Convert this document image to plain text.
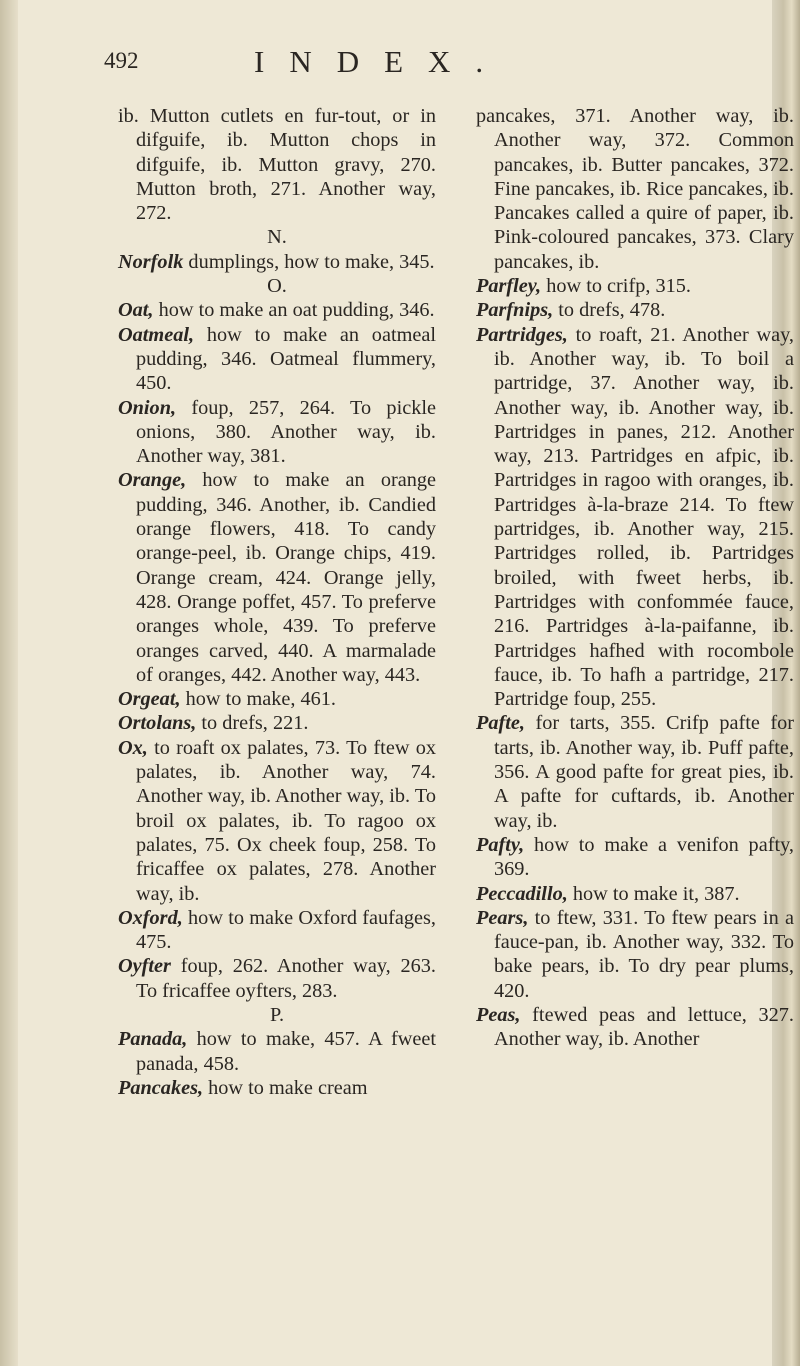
492	INDEX.

ib. Mutton cutlets en fur-tout, or in difguife, ib. Mutton chops in difguife, ib. Mutton gravy, 270. Mutton broth, 271. Another way, 272.

N.

Norfolk dumplings, how to make, 345.

O.

Oat, how to make an oat pudding, 346.

Oatmeal, how to make an oatmeal pudding, 346. Oatmeal flummery, 450.

Onion, foup, 257, 264. To pickle onions, 380. Another way, ib. Another way, 381.

Orange, how to make an orange pudding, 346. Another, ib. Candied orange flowers, 418. To candy orange-peel, ib. Orange chips, 419. Orange cream, 424. Orange jelly, 428. Orange poffet, 457. To preferve oranges whole, 439. To preferve oranges carved, 440. A marmalade of oranges, 442. Another way, 443.

Orgeat, how to make, 461.

Ortolans, to drefs, 221.

Ox, to roaft ox palates, 73. To ftew ox palates, ib. Another way, 74. Another way, ib. Another way, ib. To broil ox palates, ib. To ragoo ox palates, 75. Ox cheek foup, 258. To fricaffee ox palates, 278. Another way, ib.

Oxford, how to make Oxford faufages, 475.

Oyfter foup, 262. Another way, 263. To fricaffee oyfters, 283.

P.

Panada, how to make, 457. A fweet panada, 458.

Pancakes, how to make cream

pancakes, 371. Another way, ib. Another way, 372. Common pancakes, ib. Butter pancakes, 372. Fine pancakes, ib. Rice pancakes, ib. Pancakes called a quire of paper, ib. Pink-coloured pancakes, 373. Clary pancakes, ib.

Parfley, how to crifp, 315.

Parfnips, to drefs, 478.

Partridges, to roaft, 21. Another way, ib. Another way, ib. To boil a partridge, 37. Another way, ib. Another way, ib. Another way, ib. Partridges in panes, 212. Another way, 213. Partridges en afpic, ib. Partridges in ragoo with oranges, ib. Partridges à-la-braze 214. To ftew partridges, ib. Another way, 215. Partridges rolled, ib. Partridges broiled, with fweet herbs, ib. Partridges with confommée fauce, 216. Partridges à-la-paifanne, ib. Partridges hafhed with rocombole fauce, ib. To hafh a partridge, 217. Partridge foup, 255.

Pafte, for tarts, 355. Crifp pafte for tarts, ib. Another way, ib. Puff pafte, 356. A good pafte for great pies, ib. A pafte for cuftards, ib. Another way, ib.

Pafty, how to make a venifon pafty, 369.

Peccadillo, how to make it, 387.

Pears, to ftew, 331. To ftew pears in a fauce-pan, ib. Another way, 332. To bake pears, ib. To dry pear plums, 420.

Peas, ftewed peas and lettuce, 327. Another way, ib. Another
